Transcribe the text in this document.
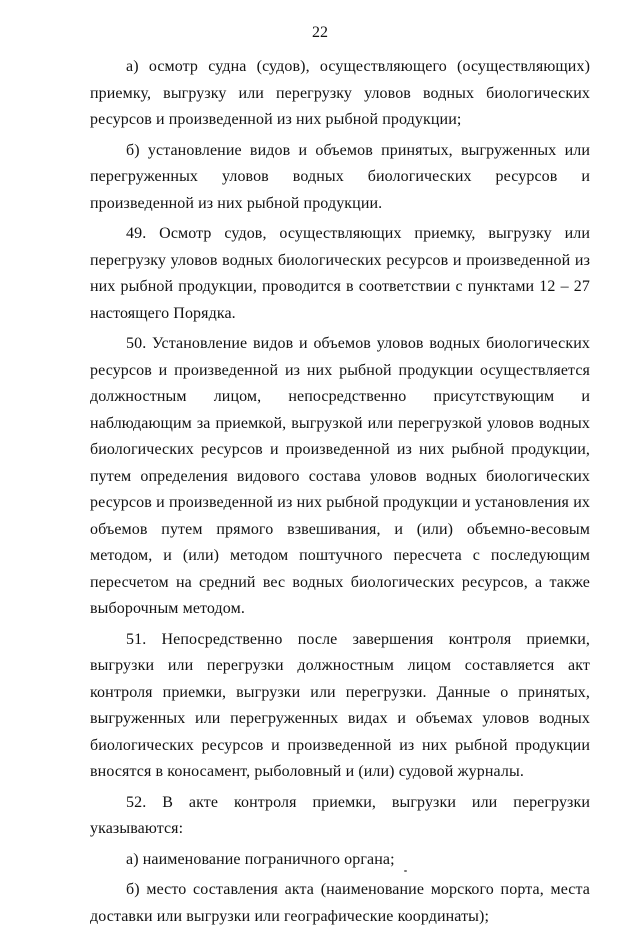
22

а) осмотр судна (судов), осуществляющего (осуществляющих) приемку, выгрузку или перегрузку уловов водных биологических ресурсов и произведенной из них рыбной продукции;

б) установление видов и объемов принятых, выгруженных или перегруженных уловов водных биологических ресурсов и произведенной из них рыбной продукции.

49. Осмотр судов, осуществляющих приемку, выгрузку или перегрузку уловов водных биологических ресурсов и произведенной из них рыбной продукции, проводится в соответствии с пунктами 12 – 27 настоящего Порядка.

50. Установление видов и объемов уловов водных биологических ресурсов и произведенной из них рыбной продукции осуществляется должностным лицом, непосредственно присутствующим и наблюдающим за приемкой, выгрузкой или перегрузкой уловов водных биологических ресурсов и произведенной из них рыбной продукции, путем определения видового состава уловов водных биологических ресурсов и произведенной из них рыбной продукции и установления их объемов путем прямого взвешивания, и (или) объемно-весовым методом, и (или) методом поштучного пересчета с последующим пересчетом на средний вес водных биологических ресурсов, а также выборочным методом.

51. Непосредственно после завершения контроля приемки, выгрузки или перегрузки должностным лицом составляется акт контроля приемки, выгрузки или перегрузки. Данные о принятых, выгруженных или перегруженных видах и объемах уловов водных биологических ресурсов и произведенной из них рыбной продукции вносятся в коносамент, рыболовный и (или) судовой журналы.

52. В акте контроля приемки, выгрузки или перегрузки указываются:

а) наименование пограничного органа;

б) место составления акта (наименование морского порта, места доставки или выгрузки или географические координаты);
